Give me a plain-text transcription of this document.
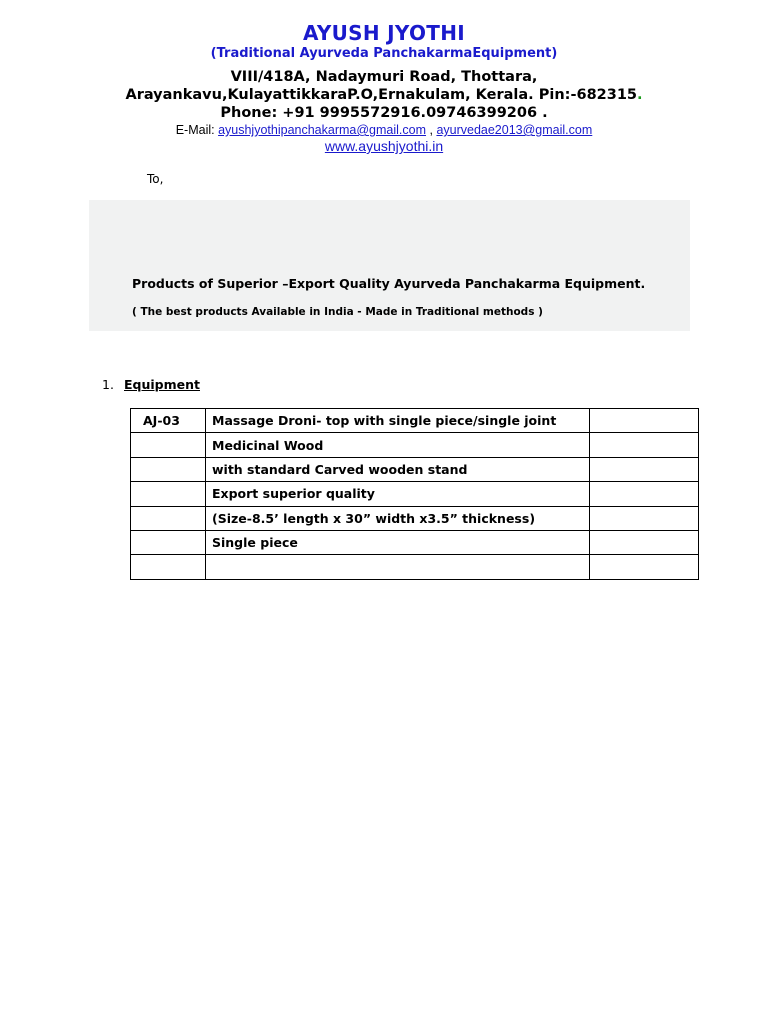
AYUSH JYOTHI
(Traditional Ayurveda PanchakarmaEquipment)
VIII/418A, Nadaymuri Road, Thottara,
Arayankavu,KulayattikkaraP.O,Ernakulam, Kerala. Pin:-682315.
Phone: +91 9995572916.09746399206 .
E-Mail: ayushjyothipanchakarma@gmail.com , ayurvedae2013@gmail.com
www.ayushjyothi.in
To,
Products of Superior –Export Quality Ayurveda Panchakarma Equipment.
( The best products Available in India - Made in Traditional methods )
1. Equipment
AJ-03	Massage Droni- top with single piece/single joint	
	Medicinal Wood	
	with standard Carved wooden stand	
	Export superior quality	
	(Size-8.5’ length x 30” width x3.5” thickness)	
	Single piece	
